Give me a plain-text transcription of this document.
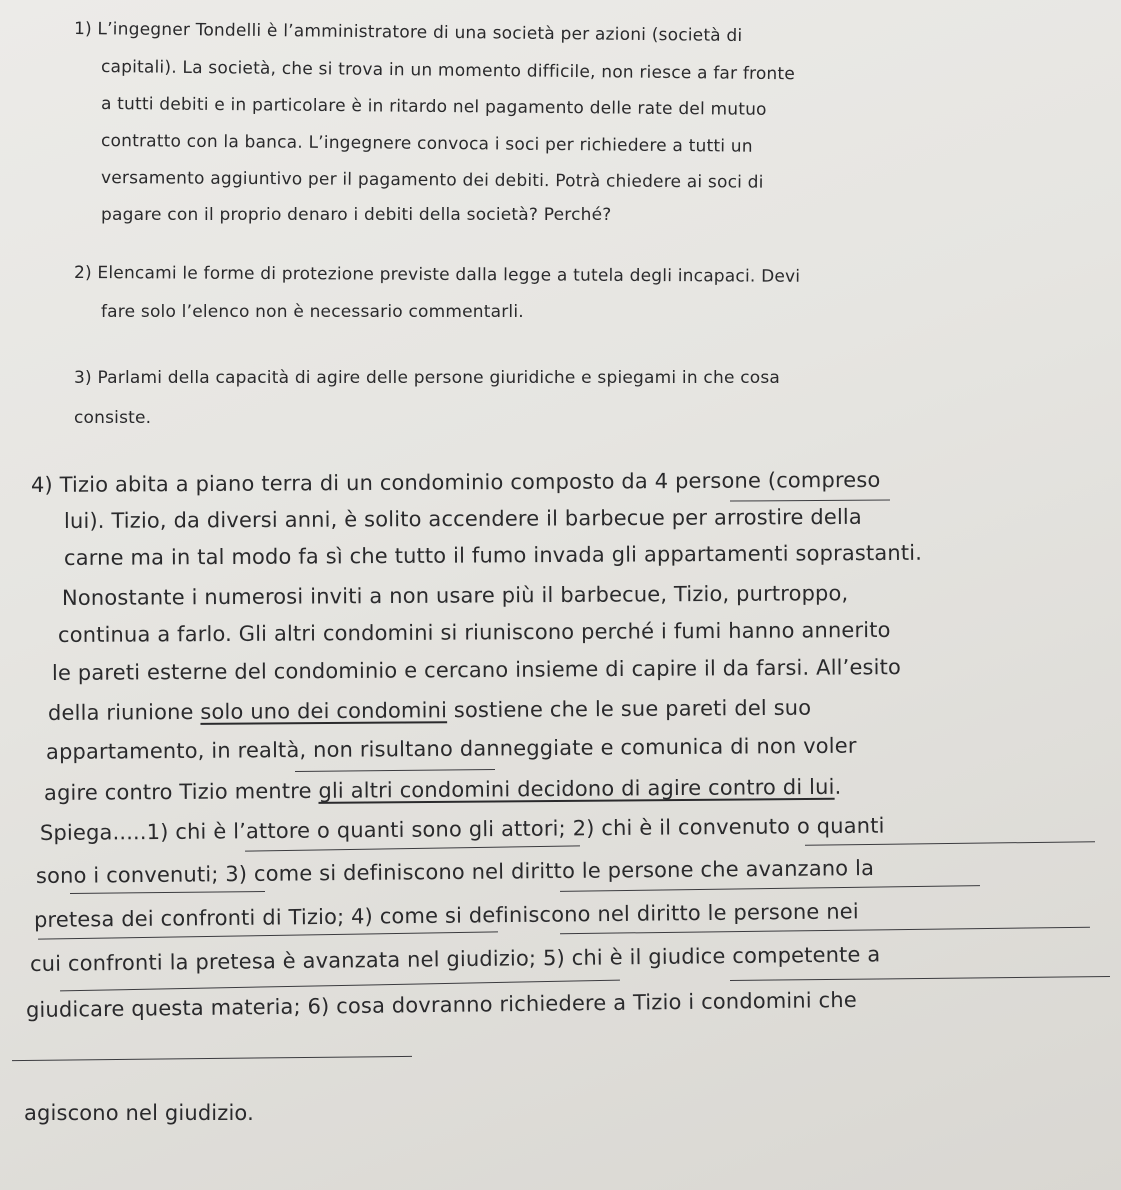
1) L’ingegner Tondelli è l’amministratore di una società per azioni (società di
capitali). La società, che si trova in un momento difficile, non riesce a far fronte
a tutti debiti e in particolare è in ritardo nel pagamento delle rate del mutuo
contratto con la banca. L’ingegnere convoca i soci per richiedere a tutti un
versamento aggiuntivo per il pagamento dei debiti. Potrà chiedere ai soci di
pagare con il proprio denaro i debiti della società? Perché?
2) Elencami le forme di protezione previste dalla legge a tutela degli incapaci. Devi
fare solo l’elenco non è necessario commentarli.
3) Parlami della capacità di agire delle persone giuridiche e spiegami in che cosa
consiste.
4) Tizio abita a piano terra di un condominio composto da 4 persone (compreso
lui). Tizio, da diversi anni, è solito accendere il barbecue per arrostire della
carne ma in tal modo fa sì che tutto il fumo invada gli appartamenti soprastanti.
Nonostante i numerosi inviti a non usare più il barbecue, Tizio, purtroppo,
continua a farlo. Gli altri condomini si riuniscono perché i fumi hanno annerito
le pareti esterne del condominio e cercano insieme di capire il da farsi. All’esito
della riunione solo uno dei condomini sostiene che le sue pareti del suo
appartamento, in realtà, non risultano danneggiate e comunica di non voler
agire contro Tizio mentre gli altri condomini decidono di agire contro di lui.
Spiega.....1) chi è l’attore o quanti sono gli attori; 2) chi è il convenuto o quanti
sono i convenuti; 3) come si definiscono nel diritto le persone che avanzano la
pretesa dei confronti di Tizio; 4) come si definiscono nel diritto le persone nei
cui confronti la pretesa è avanzata nel giudizio; 5) chi è il giudice competente a
giudicare questa materia; 6) cosa dovranno richiedere a Tizio i condomini che
agiscono nel giudizio.
